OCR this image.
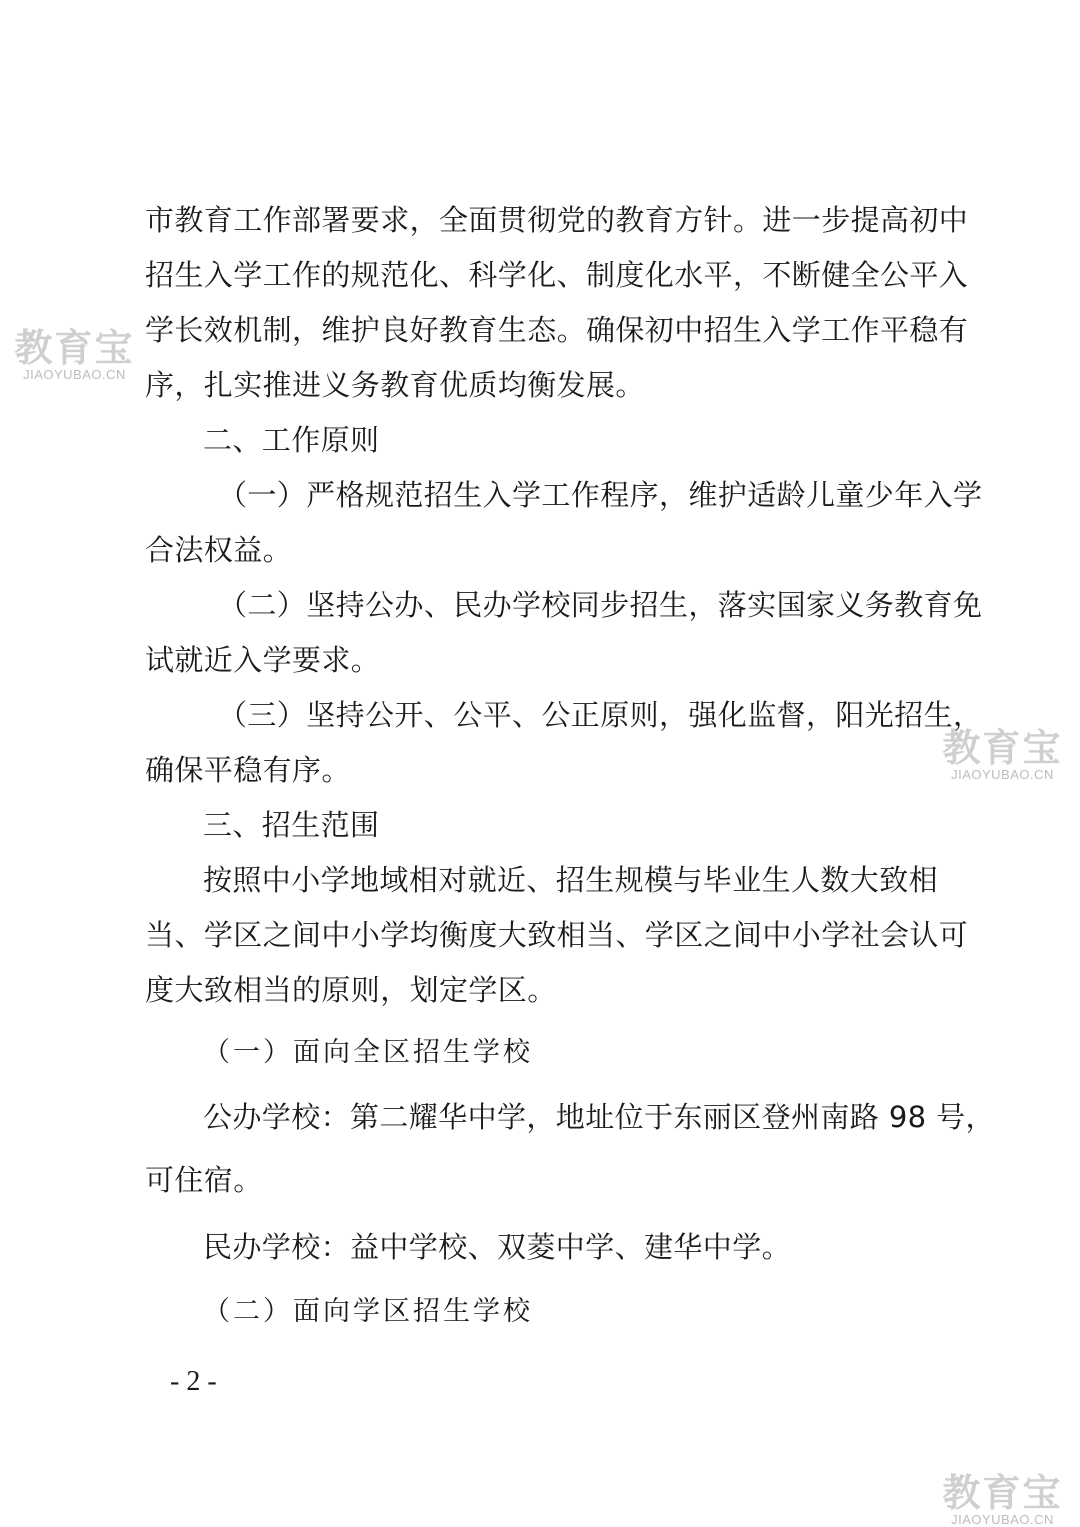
市教育工作部署要求，全面贯彻党的教育方针。进一步提高初中
招生入学工作的规范化、科学化、制度化水平，不断健全公平入
学长效机制，维护良好教育生态。确保初中招生入学工作平稳有
序，扎实推进义务教育优质均衡发展。
二、工作原则
（一）严格规范招生入学工作程序，维护适龄儿童少年入学
合法权益。
（二）坚持公办、民办学校同步招生，落实国家义务教育免
试就近入学要求。
（三）坚持公开、公平、公正原则，强化监督，阳光招生，
确保平稳有序。
三、招生范围
按照中小学地域相对就近、招生规模与毕业生人数大致相
当、学区之间中小学均衡度大致相当、学区之间中小学社会认可
度大致相当的原则，划定学区。
（一）面向全区招生学校
公办学校：第二耀华中学，地址位于东丽区登州南路 98 号，
可住宿。
民办学校：益中学校、双菱中学、建华中学。
（二）面向学区招生学校
- 2 -
教育宝
JIAOYUBAO.CN
教育宝
JIAOYUBAO.CN
教育宝
JIAOYUBAO.CN
